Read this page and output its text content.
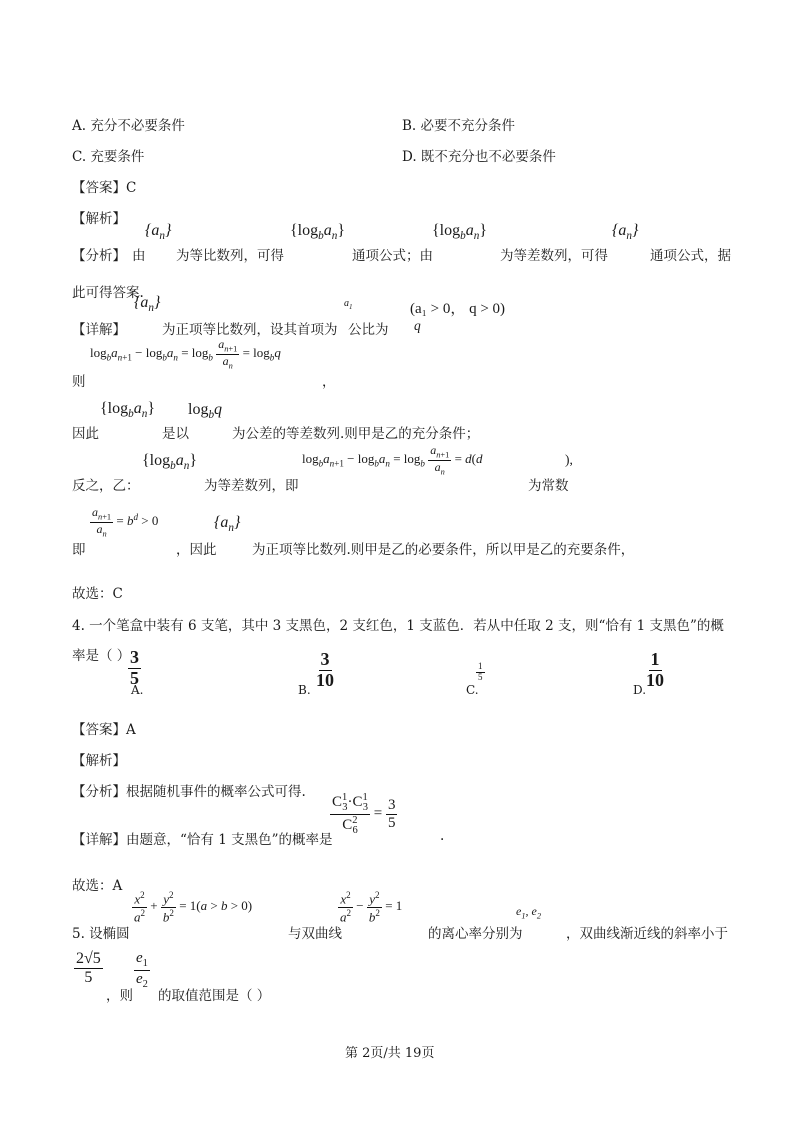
A. 充分不必要条件	B. 必要不充分条件
C. 充要条件	D. 既不充分也不必要条件
【答案】C
【解析】
【分析】 由
$\{a_n\}$
为等比数列，可得
$\{\log_ba_n\}$
通项公式；由
$\{\log_ba_n\}$
为等差数列，可得
$\{a_n\}$
通项公式，据
此可得答案.
$\{a_n\}$	$a_1$	(a₁ > 0， q > 0)
【详解】	为正项等比数列，设其首项为 公比为 q
$\log_ba_{n+1} - \log_ba_n = \log_b \frac{a_{n+1}}{a_n} = \log_bq$
则	，
$\{\log_ba_n\}$ $\log_bq$
因此	是以	为公差的等差数列.则甲是乙的充分条件；
$\{\log_ba_n\}$	$\log_ba_{n+1} - \log_ba_n = \log_b \frac{a_{n+1}}{a_n} = d(d$	),
反之，乙：	为等差数列，即	为常数
$\frac{a_{n+1}}{a_n} = b^d > 0$	$\{a_n\}$
即	，因此	为正项等比数列.则甲是乙的必要条件，所以甲是乙的充要条件，
故选：C
4. 一个笔盒中装有 6 支笔，其中 3 支黑色，2 支红色，1 支蓝色．若从中任取 2 支，则“恰有 1 支黑色”的概
率是（ ）
$\frac{3}{5}$
A.	$\frac{3}{10}$
B.
$\frac{1}{5}$
C.	$\frac{1}{10}$
D.
【答案】A
【解析】
【分析】根据随机事件的概率公式可得. $\frac{C^1_3\cdot C^1_3}{C^2_6} = \frac{3}{5}$
【详解】 由题意，“恰有 1 支黑色”的概率是	.
故选：A
$\frac{x^2}{a^2} + \frac{y^2}{b^2} = 1(a > b > 0)$	$\frac{x^2}{a^2} - \frac{y^2}{b^2} = 1$	$e_1$, $e_2$
5. 设椭圆	与双曲线	的离心率分别为	，双曲线渐近线的斜率小于
$\frac{2√5}{5} \frac{e_1}{e_2}$
，则 的取值范围是（ ）
第 2页/共 19页
